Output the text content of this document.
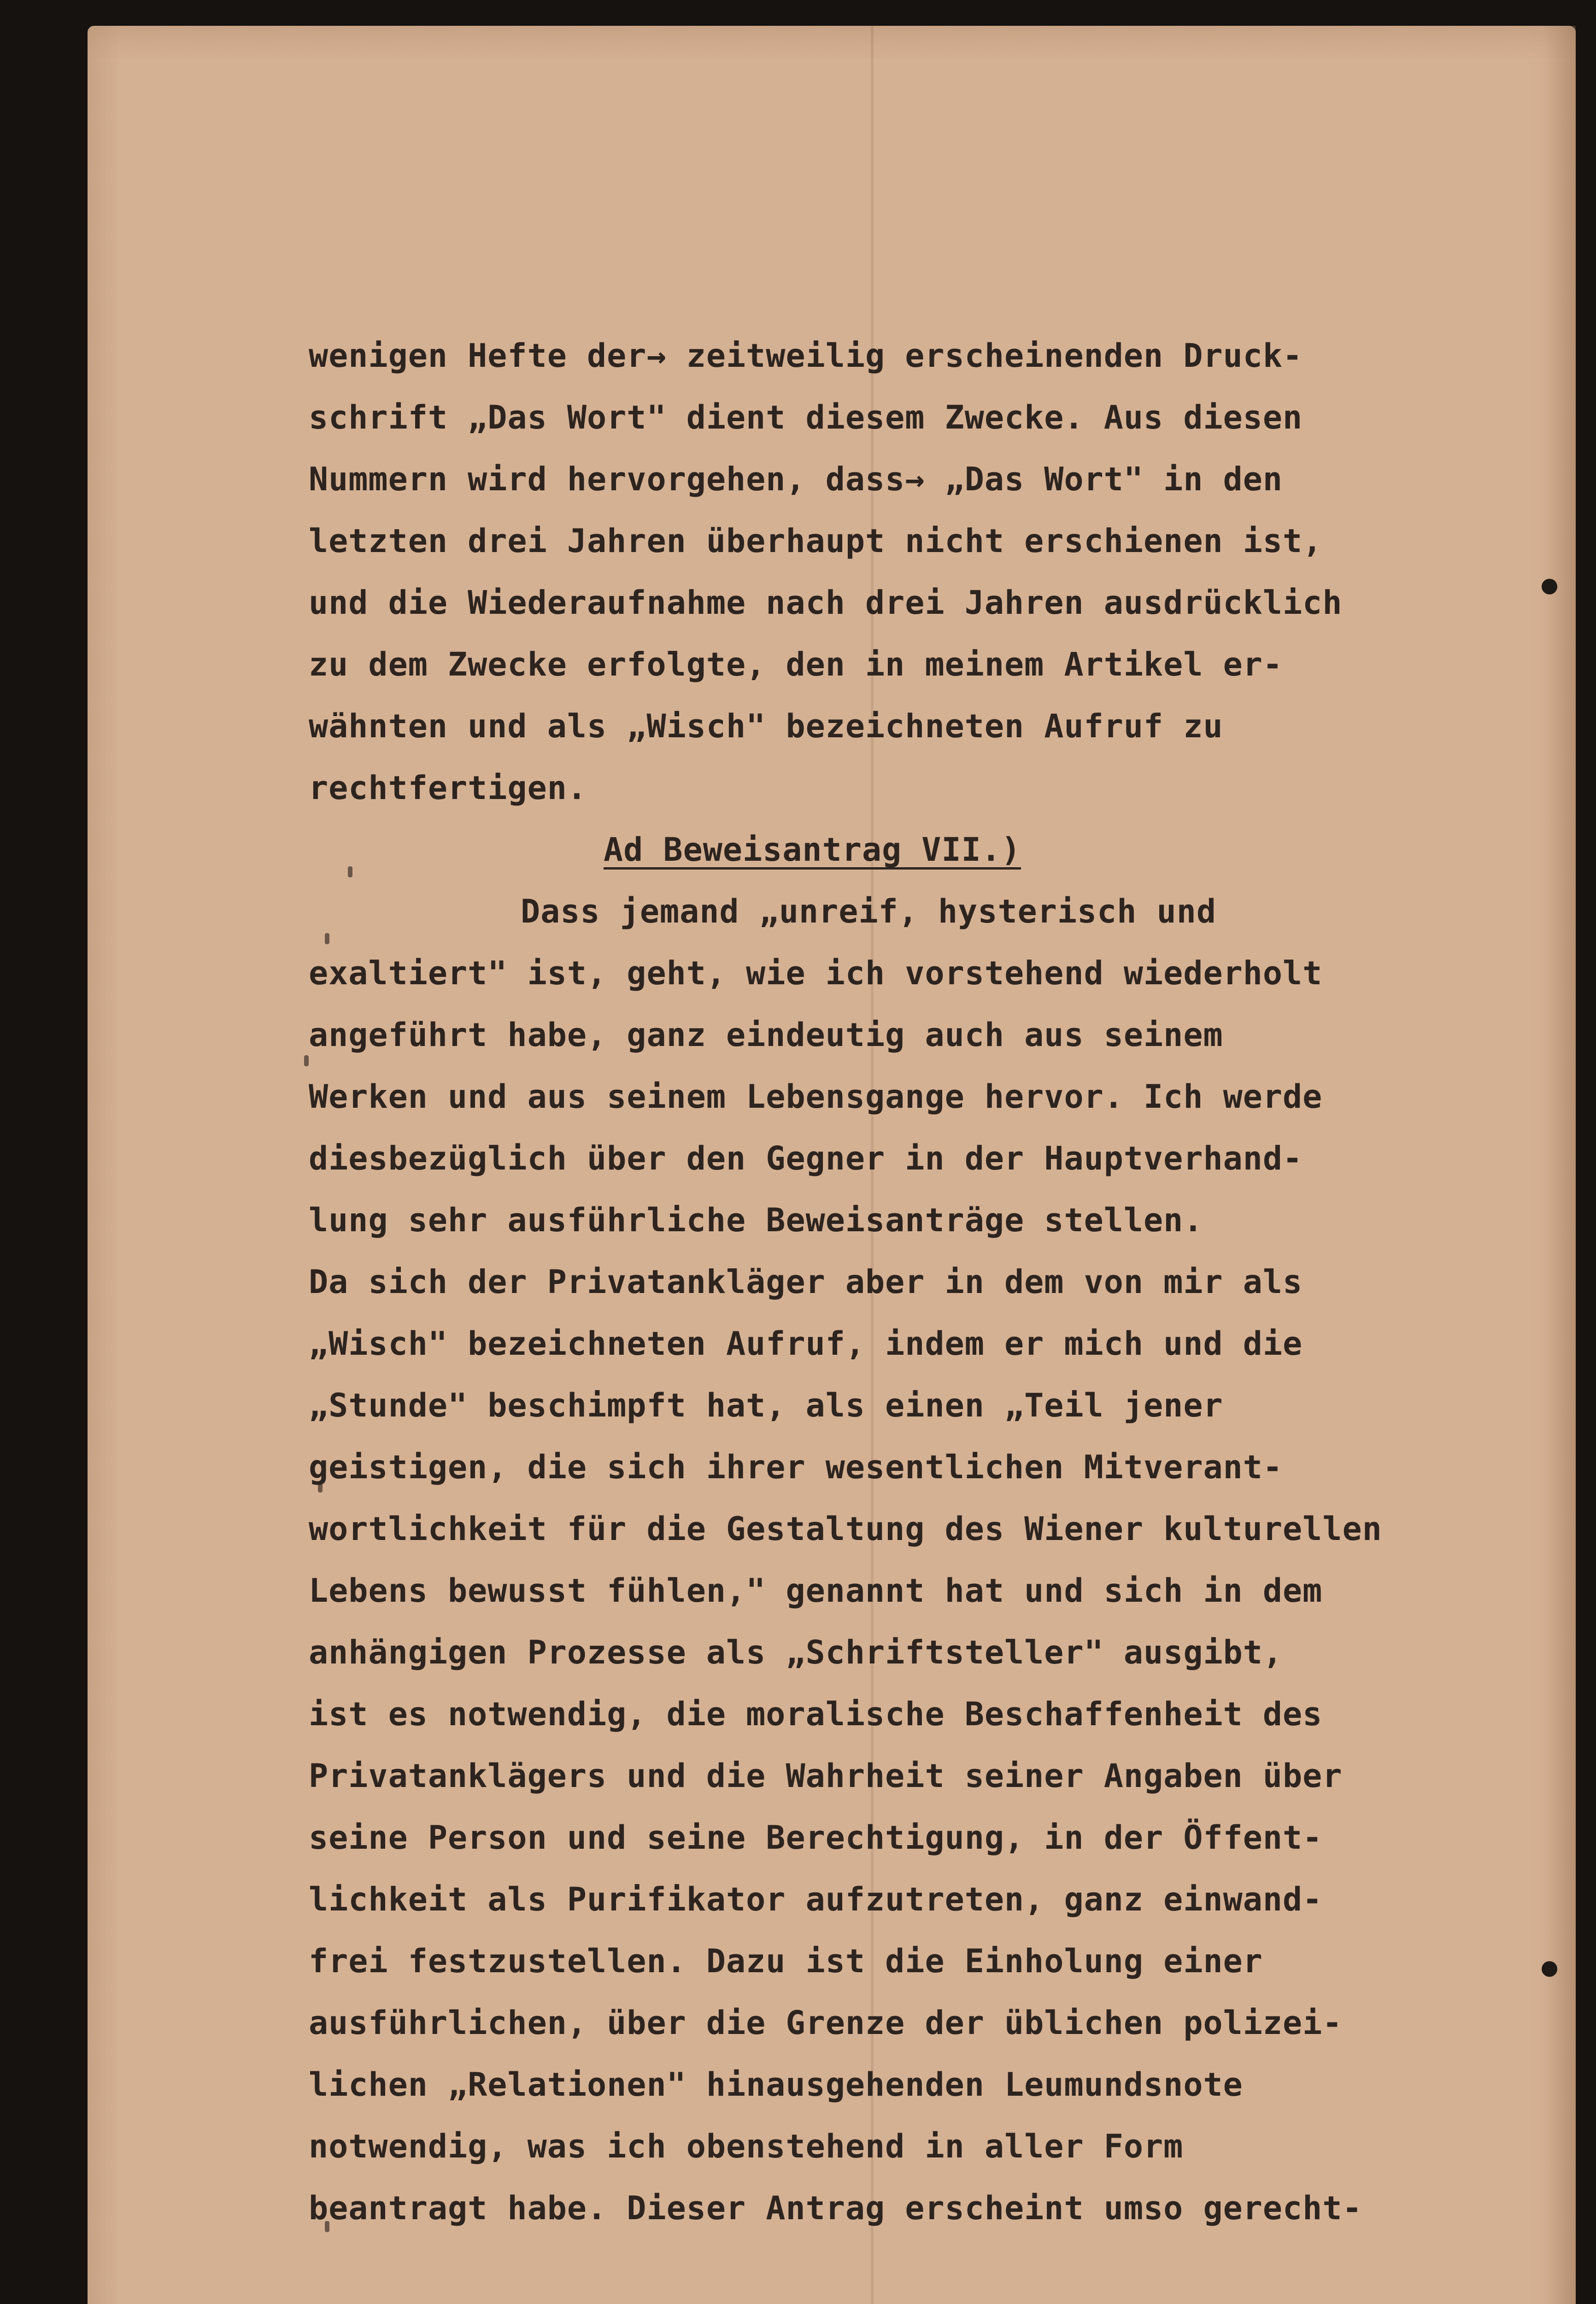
wenigen Hefte der→ zeitweilig erscheinenden Druck-
schrift „Das Wort" dient diesem Zwecke. Aus diesen
Nummern wird hervorgehen, dass→ „Das Wort" in den
letzten drei Jahren überhaupt nicht erschienen ist,
und die Wiederaufnahme nach drei Jahren ausdrücklich
zu dem Zwecke erfolgte, den in meinem Artikel er-
wähnten und als „Wisch" bezeichneten Aufruf zu
rechtfertigen.
Ad Beweisantrag VII.)
Dass jemand „unreif, hysterisch und
exaltiert" ist, geht, wie ich vorstehend wiederholt
angeführt habe, ganz eindeutig auch aus seinem
Werken und aus seinem Lebensgange hervor. Ich werde
diesbezüglich über den Gegner in der Hauptverhand-
lung sehr ausführliche Beweisanträge stellen.
Da sich der Privatankläger aber in dem von mir als
„Wisch" bezeichneten Aufruf, indem er mich und die
„Stunde" beschimpft hat, als einen „Teil jener
geistigen, die sich ihrer wesentlichen Mitverant-
wortlichkeit für die Gestaltung des Wiener kulturellen
Lebens bewusst fühlen," genannt hat und sich in dem
anhängigen Prozesse als „Schriftsteller" ausgibt,
ist es notwendig, die moralische Beschaffenheit des
Privatanklägers und die Wahrheit seiner Angaben über
seine Person und seine Berechtigung, in der Öffent-
lichkeit als Purifikator aufzutreten, ganz einwand-
frei festzustellen. Dazu ist die Einholung einer
ausführlichen, über die Grenze der üblichen polizei-
lichen „Relationen" hinausgehenden Leumundsnote
notwendig, was ich obenstehend in aller Form
beantragt habe. Dieser Antrag erscheint umso gerecht-
